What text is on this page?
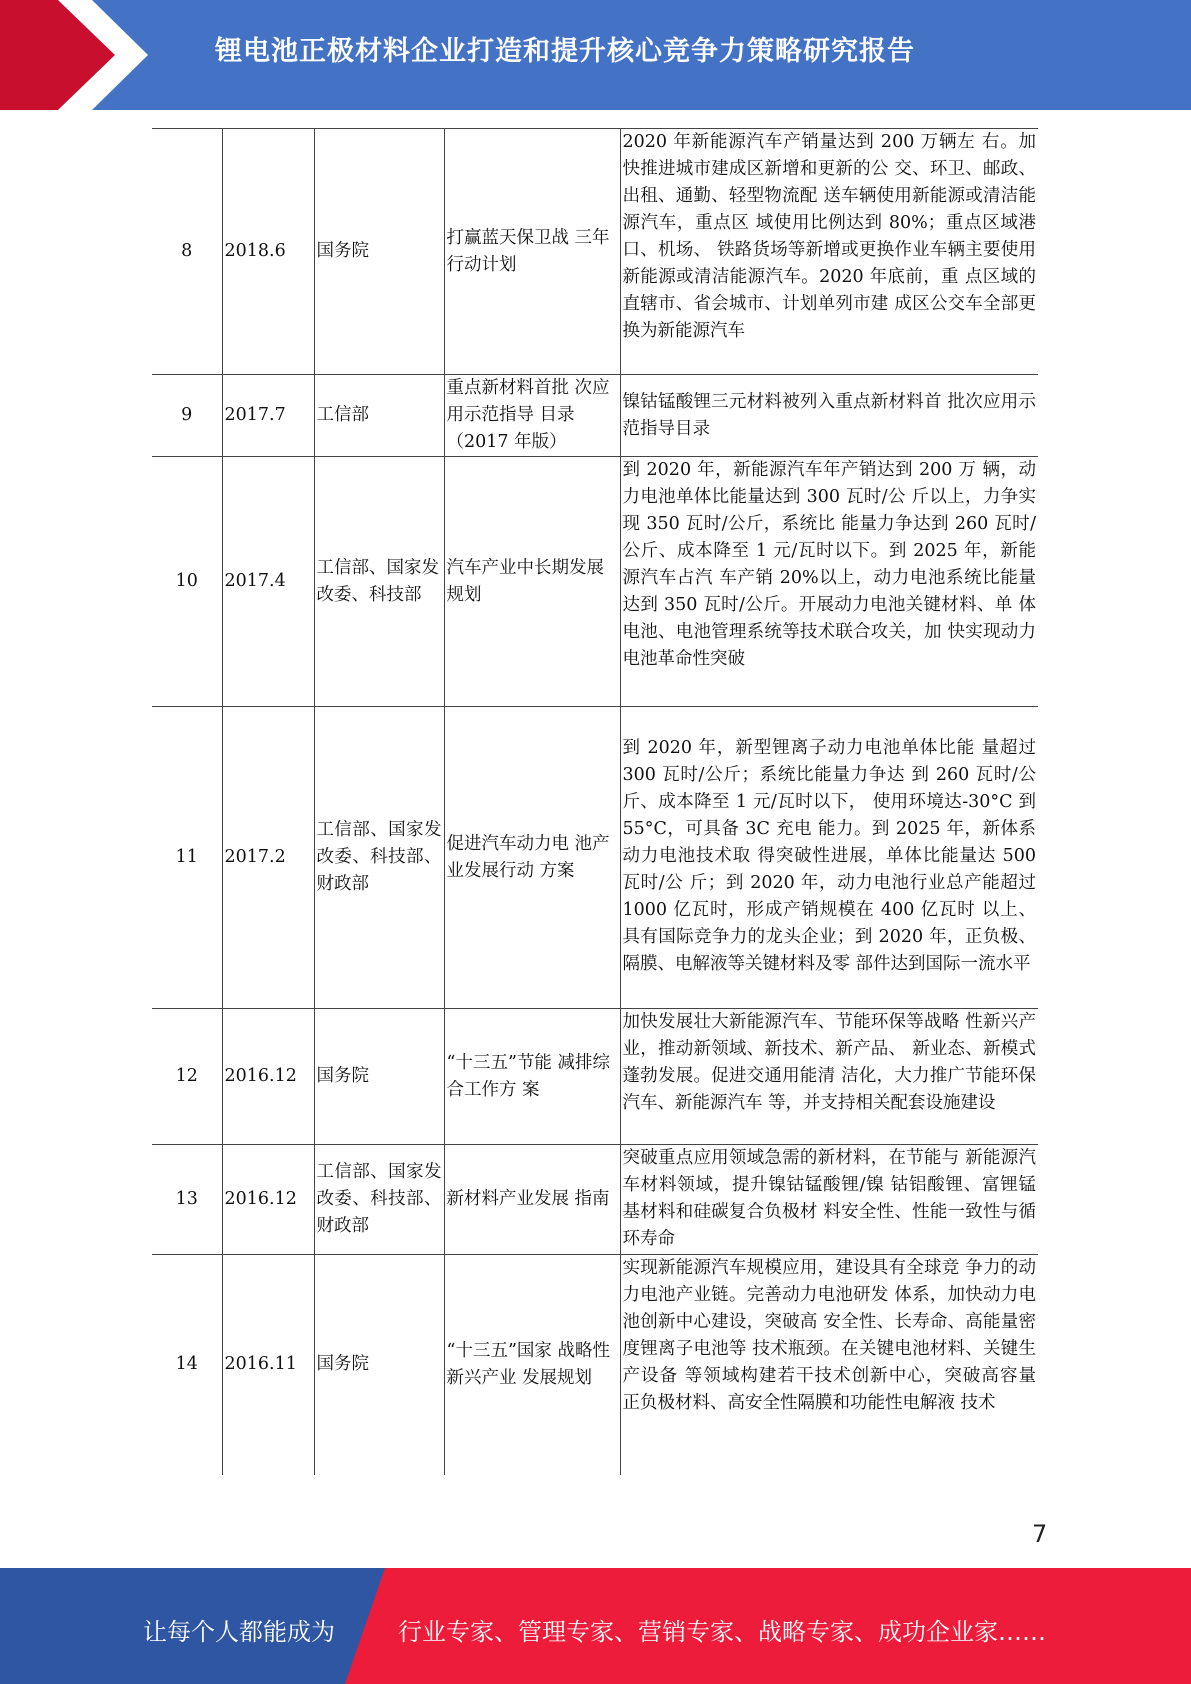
锂电池正极材料企业打造和提升核心竞争力策略研究报告
8	2018.6	国务院	打赢蓝天保卫战 三年行动计划	2020 年新能源汽车产销量达到 200 万辆左 右。加快推进城市建成区新增和更新的公 交、环卫、邮政、出租、通勤、轻型物流配 送车辆使用新能源或清洁能源汽车，重点区 域使用比例达到 80%；重点区域港口、机场、 铁路货场等新增或更换作业车辆主要使用 新能源或清洁能源汽车。2020 年底前，重 点区域的直辖市、省会城市、计划单列市建 成区公交车全部更换为新能源汽车
9	2017.7	工信部	重点新材料首批 次应用示范指导 目录（2017 年版）	镍钴锰酸锂三元材料被列入重点新材料首 批次应用示范指导目录
10	2017.4	工信部、国家发改委、科技部	汽车产业中长期发展规划	到 2020 年，新能源汽车年产销达到 200 万 辆，动力电池单体比能量达到 300 瓦时/公 斤以上，力争实现 350 瓦时/公斤，系统比 能量力争达到 260 瓦时/公斤、成本降至 1 元/瓦时以下。到 2025 年，新能源汽车占汽 车产销 20%以上，动力电池系统比能量达到 350 瓦时/公斤。开展动力电池关键材料、单 体电池、电池管理系统等技术联合攻关，加 快实现动力电池革命性突破
11	2017.2	工信部、国家发改委、科技部、财政部	促进汽车动力电 池产业发展行动 方案	到 2020 年，新型锂离子动力电池单体比能 量超过 300 瓦时/公斤；系统比能量力争达 到 260 瓦时/公斤、成本降至 1 元/瓦时以下， 使用环境达-30°C 到 55°C，可具备 3C 充电 能力。到 2025 年，新体系动力电池技术取 得突破性进展，单体比能量达 500 瓦时/公 斤；到 2020 年，动力电池行业总产能超过 1000 亿瓦时，形成产销规模在 400 亿瓦时 以上、具有国际竞争力的龙头企业；到 2020 年，正负极、隔膜、电解液等关键材料及零 部件达到国际一流水平
12	2016.12	国务院	“十三五”节能 减排综合工作方 案	加快发展壮大新能源汽车、节能环保等战略 性新兴产业，推动新领域、新技术、新产品、 新业态、新模式蓬勃发展。促进交通用能清 洁化，大力推广节能环保汽车、新能源汽车 等，并支持相关配套设施建设
13	2016.12	工信部、国家发改委、科技部、财政部	新材料产业发展 指南	突破重点应用领域急需的新材料，在节能与 新能源汽车材料领域，提升镍钴锰酸锂/镍 钴铝酸锂、富锂锰基材料和硅碳复合负极材 料安全性、性能一致性与循环寿命
14	2016.11	国务院	“十三五”国家 战略性新兴产业 发展规划	实现新能源汽车规模应用，建设具有全球竞 争力的动力电池产业链。完善动力电池研发 体系，加快动力电池创新中心建设，突破高 安全性、长寿命、高能量密度锂离子电池等 技术瓶颈。在关键电池材料、关键生产设备 等领域构建若干技术创新中心，突破高容量 正负极材料、高安全性隔膜和功能性电解液 技术
7
让每个人都能成为	行业专家、管理专家、营销专家、战略专家、成功企业家……
